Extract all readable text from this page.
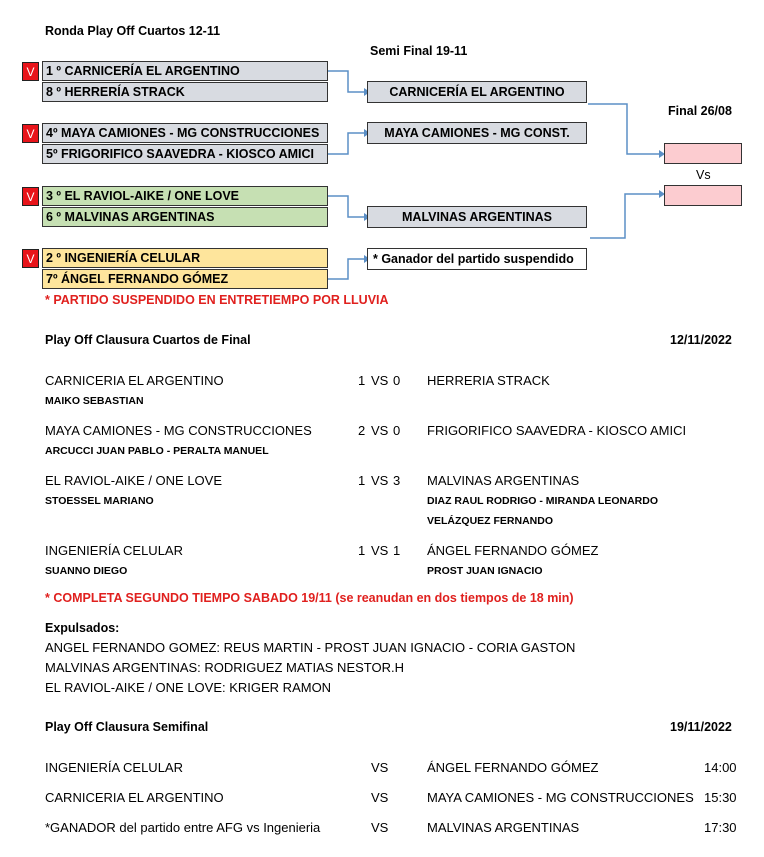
Ronda Play Off Cuartos 12-11
Semi Final 19-11
Final 26/08
V 1 º CARNICERÍA EL ARGENTINO
8 º HERRERÍA STRACK
V 4º MAYA CAMIONES - MG CONSTRUCCIONES
5º FRIGORIFICO SAAVEDRA - KIOSCO AMICI
V 3 º EL RAVIOL-AIKE / ONE LOVE
6 º MALVINAS ARGENTINAS
V 2 º INGENIERÍA CELULAR
7º ÁNGEL FERNANDO GÓMEZ
CARNICERÍA EL ARGENTINO
MAYA CAMIONES - MG CONST.
MALVINAS ARGENTINAS
* Ganador del partido suspendido
Vs
* PARTIDO SUSPENDIDO EN ENTRETIEMPO POR LLUVIA
Play Off Clausura Cuartos de Final	12/11/2022
CARNICERIA EL ARGENTINO	1 VS 0 HERRERIA STRACK
MAIKO SEBASTIAN
MAYA CAMIONES - MG CONSTRUCCIONES	2 VS 0 FRIGORIFICO SAAVEDRA - KIOSCO AMICI
ARCUCCI JUAN PABLO - PERALTA MANUEL
EL RAVIOL-AIKE / ONE LOVE	1 VS 3 MALVINAS ARGENTINAS
STOESSEL MARIANO	DIAZ RAUL RODRIGO - MIRANDA LEONARDO
VELÁZQUEZ FERNANDO
INGENIERÍA CELULAR	1 VS 1 ÁNGEL FERNANDO GÓMEZ
SUANNO DIEGO	PROST JUAN IGNACIO
* COMPLETA SEGUNDO TIEMPO SABADO 19/11 (se reanudan en dos tiempos de 18 min)
Expulsados:
ANGEL FERNANDO GOMEZ: REUS MARTIN - PROST JUAN IGNACIO - CORIA GASTON
MALVINAS ARGENTINAS: RODRIGUEZ MATIAS NESTOR.H
EL RAVIOL-AIKE / ONE LOVE: KRIGER RAMON
Play Off Clausura Semifinal	19/11/2022
INGENIERÍA CELULAR	VS	ÁNGEL FERNANDO GÓMEZ	14:00
CARNICERIA EL ARGENTINO	VS	MAYA CAMIONES - MG CONSTRUCCIONES 15:30
*GANADOR del partido entre AFG vs Ingenieria	VS	MALVINAS ARGENTINAS	17:30
